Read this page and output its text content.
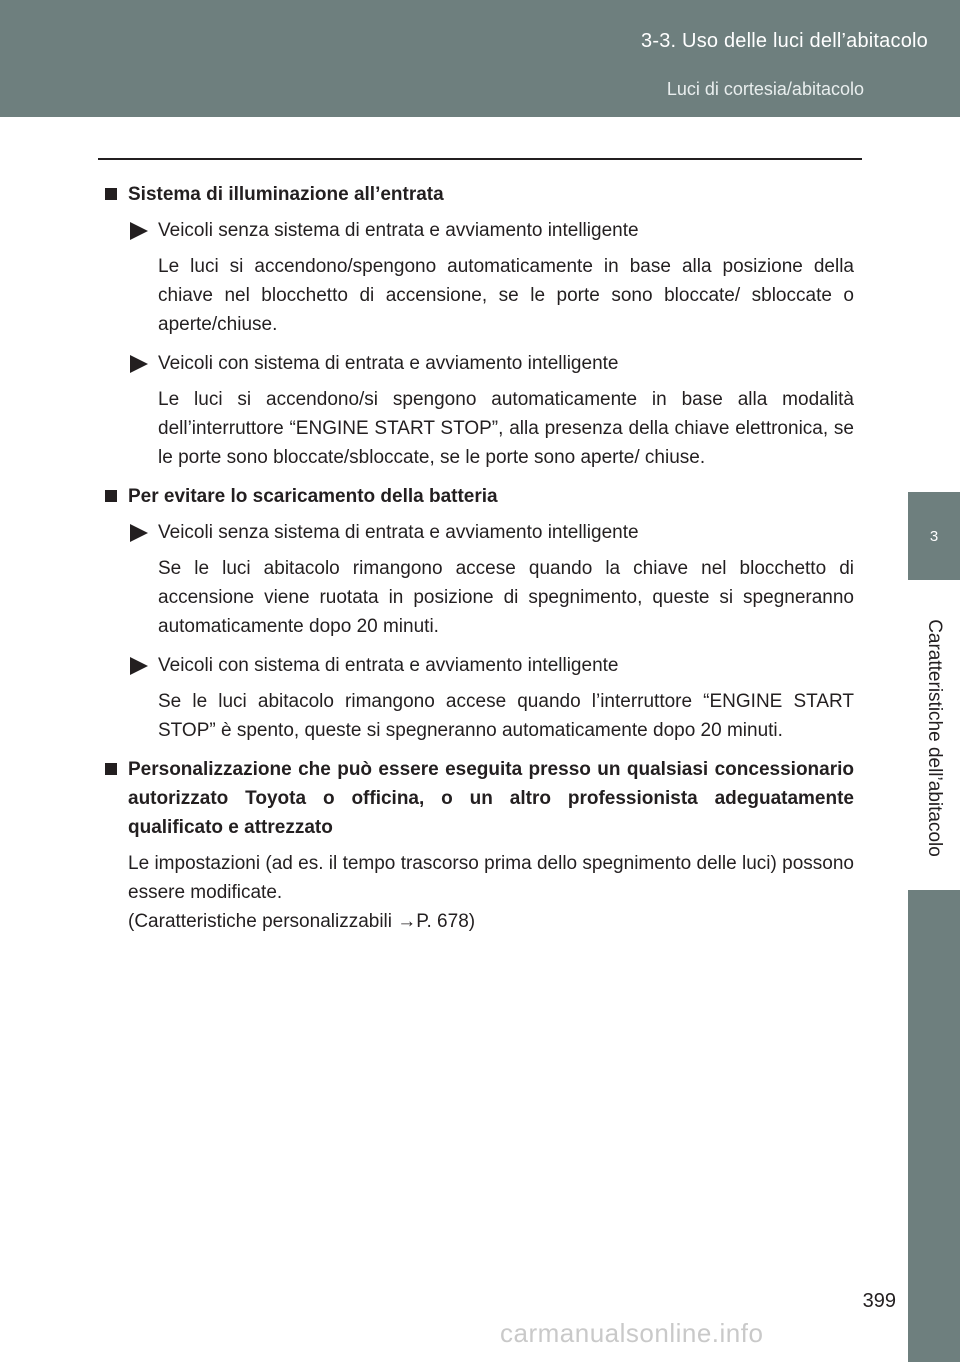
3-3. Uso delle luci dell’abitacolo
Luci di cortesia/abitacolo
3
Caratteristiche dell’abitacolo
Sistema di illuminazione all’entrata
Veicoli senza sistema di entrata e avviamento intelligente
Le luci si accendono/spengono automaticamente in base alla posizione della chiave nel blocchetto di accensione, se le porte sono bloccate/ sbloccate o aperte/chiuse.
Veicoli con sistema di entrata e avviamento intelligente
Le luci si accendono/si spengono automaticamente in base alla modalità dell’interruttore “ENGINE START STOP”, alla presenza della chiave elettronica, se le porte sono bloccate/sbloccate, se le porte sono aperte/ chiuse.
Per evitare lo scaricamento della batteria
Veicoli senza sistema di entrata e avviamento intelligente
Se le luci abitacolo rimangono accese quando la chiave nel blocchetto di accensione viene ruotata in posizione di spegnimento, queste si spegneranno automaticamente dopo 20 minuti.
Veicoli con sistema di entrata e avviamento intelligente
Se le luci abitacolo rimangono accese quando l’interruttore “ENGINE START STOP” è spento, queste si spegneranno automaticamente dopo 20 minuti.
Personalizzazione che può essere eseguita presso un qualsiasi concessionario autorizzato Toyota o officina, o un altro professionista adeguatamente qualificato e attrezzato
Le impostazioni (ad es. il tempo trascorso prima dello spegnimento delle luci) possono essere modificate.
(Caratteristiche personalizzabili →P. 678)
399
carmanualsonline.info
